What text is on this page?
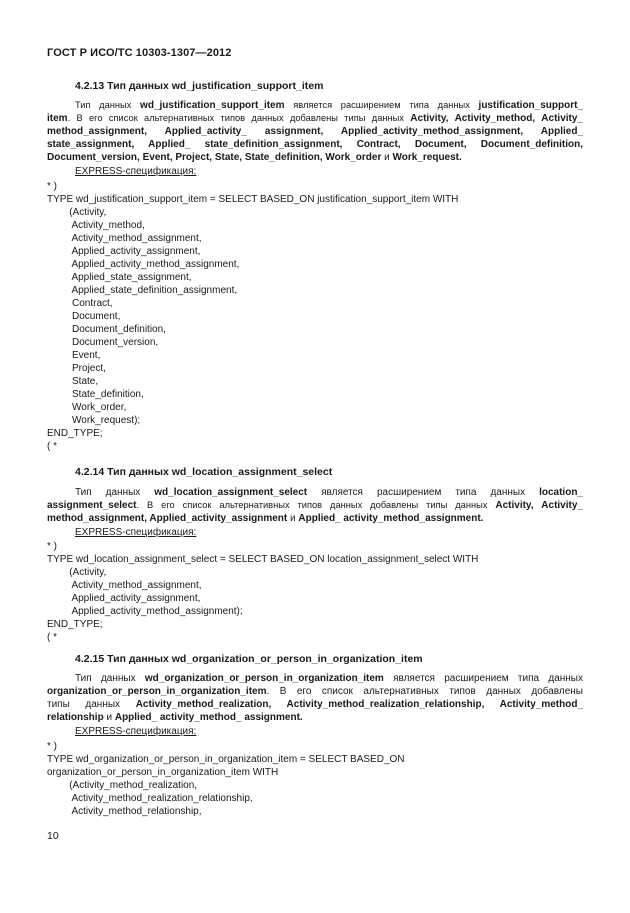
ГОСТ Р ИСО/ТС 10303-1307—2012
4.2.13 Тип данных wd_justification_support_item
Тип данных wd_justification_support_item является расширением типа данных justification_support_
item. В его список альтернативных типов данных добавлены типы данных Activity, Activity_method, Activity_
method_assignment, Applied_activity_ assignment, Applied_activity_method_assignment, Applied_
state_assignment, Applied_ state_definition_assignment, Contract, Document, Document_definition,
Document_version, Event, Project, State, State_definition, Work_order и Work_request.
EXPRESS-спецификация:
* )
TYPE wd_justification_support_item = SELECT BASED_ON justification_support_item WITH
(Activity,
Activity_method,
Activity_method_assignment,
Applied_activity_assignment,
Applied_activity_method_assignment,
Applied_state_assignment,
Applied_state_definition_assignment,
Contract,
Document,
Document_definition,
Document_version,
Event,
Project,
State,
State_definition,
Work_order,
Work_request);
END_TYPE;
( *
4.2.14 Тип данных wd_location_assignment_select
Тип данных wd_location_assignment_select является расширением типа данных location_
assignment_select. В его список альтернативных типов данных добавлены типы данных Activity, Activity_
method_assignment, Applied_activity_assignment и Applied_ activity_method_assignment.
EXPRESS-спецификация:
* )
TYPE wd_location_assignment_select = SELECT BASED_ON location_assignment_select WITH
(Activity,
Activity_method_assignment,
Applied_activity_assignment,
Applied_activity_method_assignment);
END_TYPE;
( *
4.2.15 Тип данных wd_organization_or_person_in_organization_item
Тип данных wd_organization_or_person_in_organization_item является расширением типа данных
organization_or_person_in_organization_item. В его список альтернативных типов данных добавлены
типы данных Activity_method_realization, Activity_method_realization_relationship, Activity_method_
relationship и Applied_ activity_method_ assignment.
EXPRESS-спецификация:
* )
TYPE wd_organization_or_person_in_organization_item = SELECT BASED_ON
organization_or_person_in_organization_item WITH
(Activity_method_realization,
Activity_method_realization_relationship,
Activity_method_relationship,
10
